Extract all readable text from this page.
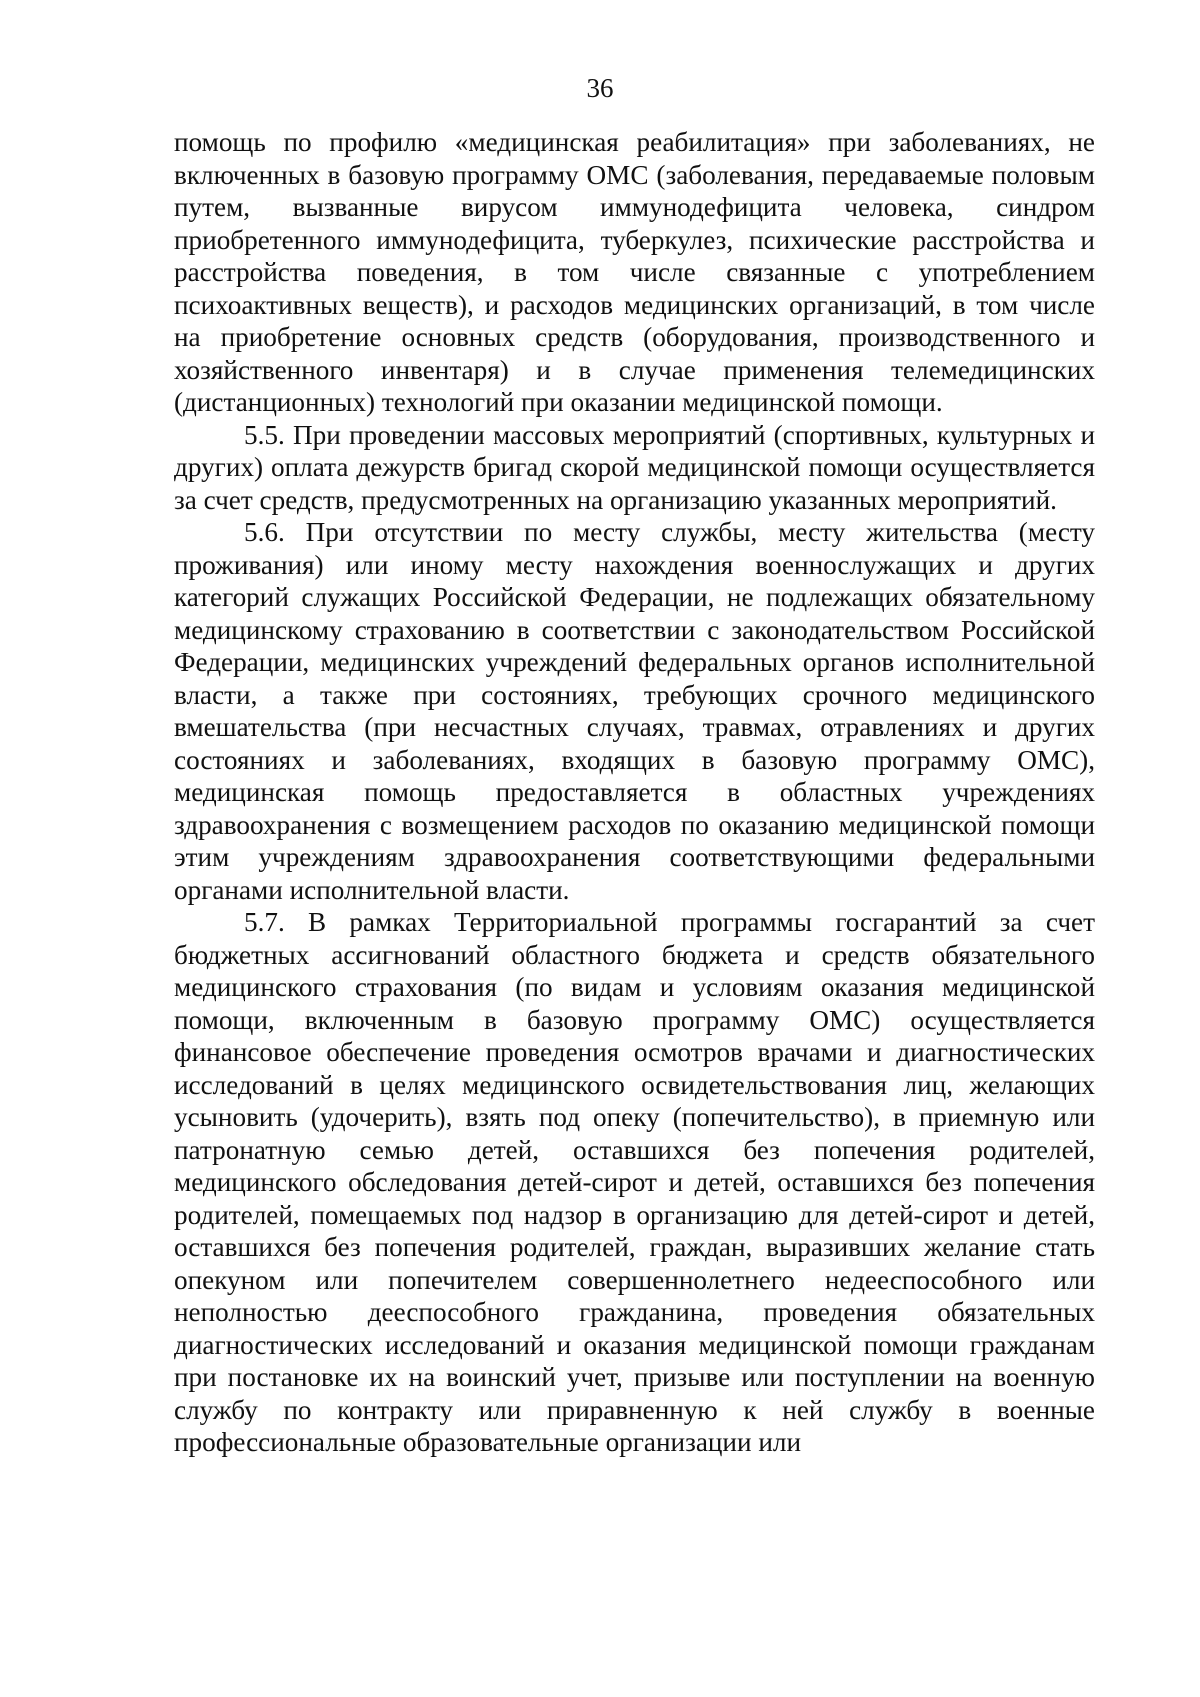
36

помощь по профилю «медицинская реабилитация» при заболеваниях, не включенных в базовую программу ОМС (заболевания, передаваемые половым путем, вызванные вирусом иммунодефицита человека, синдром приобретенного иммунодефицита, туберкулез, психические расстройства и расстройства поведения, в том числе связанные с употреблением психоактивных веществ), и расходов медицинских организаций, в том числе на приобретение основных средств (оборудования, производственного и хозяйственного инвентаря) и в случае применения телемедицинских (дистанционных) технологий при оказании медицинской помощи.

5.5. При проведении массовых мероприятий (спортивных, культурных и других) оплата дежурств бригад скорой медицинской помощи осуществляется за счет средств, предусмотренных на организацию указанных мероприятий.

5.6. При отсутствии по месту службы, месту жительства (месту проживания) или иному месту нахождения военнослужащих и других категорий служащих Российской Федерации, не подлежащих обязательному медицинскому страхованию в соответствии с законодательством Российской Федерации, медицинских учреждений федеральных органов исполнительной власти, а также при состояниях, требующих срочного медицинского вмешательства (при несчастных случаях, травмах, отравлениях и других состояниях и заболеваниях, входящих в базовую программу ОМС), медицинская помощь предоставляется в областных учреждениях здравоохранения с возмещением расходов по оказанию медицинской помощи этим учреждениям здравоохранения соответствующими федеральными органами исполнительной власти.

5.7. В рамках Территориальной программы госгарантий за счет бюджетных ассигнований областного бюджета и средств обязательного медицинского страхования (по видам и условиям оказания медицинской помощи, включенным в базовую программу ОМС) осуществляется финансовое обеспечение проведения осмотров врачами и диагностических исследований в целях медицинского освидетельствования лиц, желающих усыновить (удочерить), взять под опеку (попечительство), в приемную или патронатную семью детей, оставшихся без попечения родителей, медицинского обследования детей-сирот и детей, оставшихся без попечения родителей, помещаемых под надзор в организацию для детей-сирот и детей, оставшихся без попечения родителей, граждан, выразивших желание стать опекуном или попечителем совершеннолетнего недееспособного или неполностью дееспособного гражданина, проведения обязательных диагностических исследований и оказания медицинской помощи гражданам при постановке их на воинский учет, призыве или поступлении на военную службу по контракту или приравненную к ней службу в военные профессиональные образовательные организации или
